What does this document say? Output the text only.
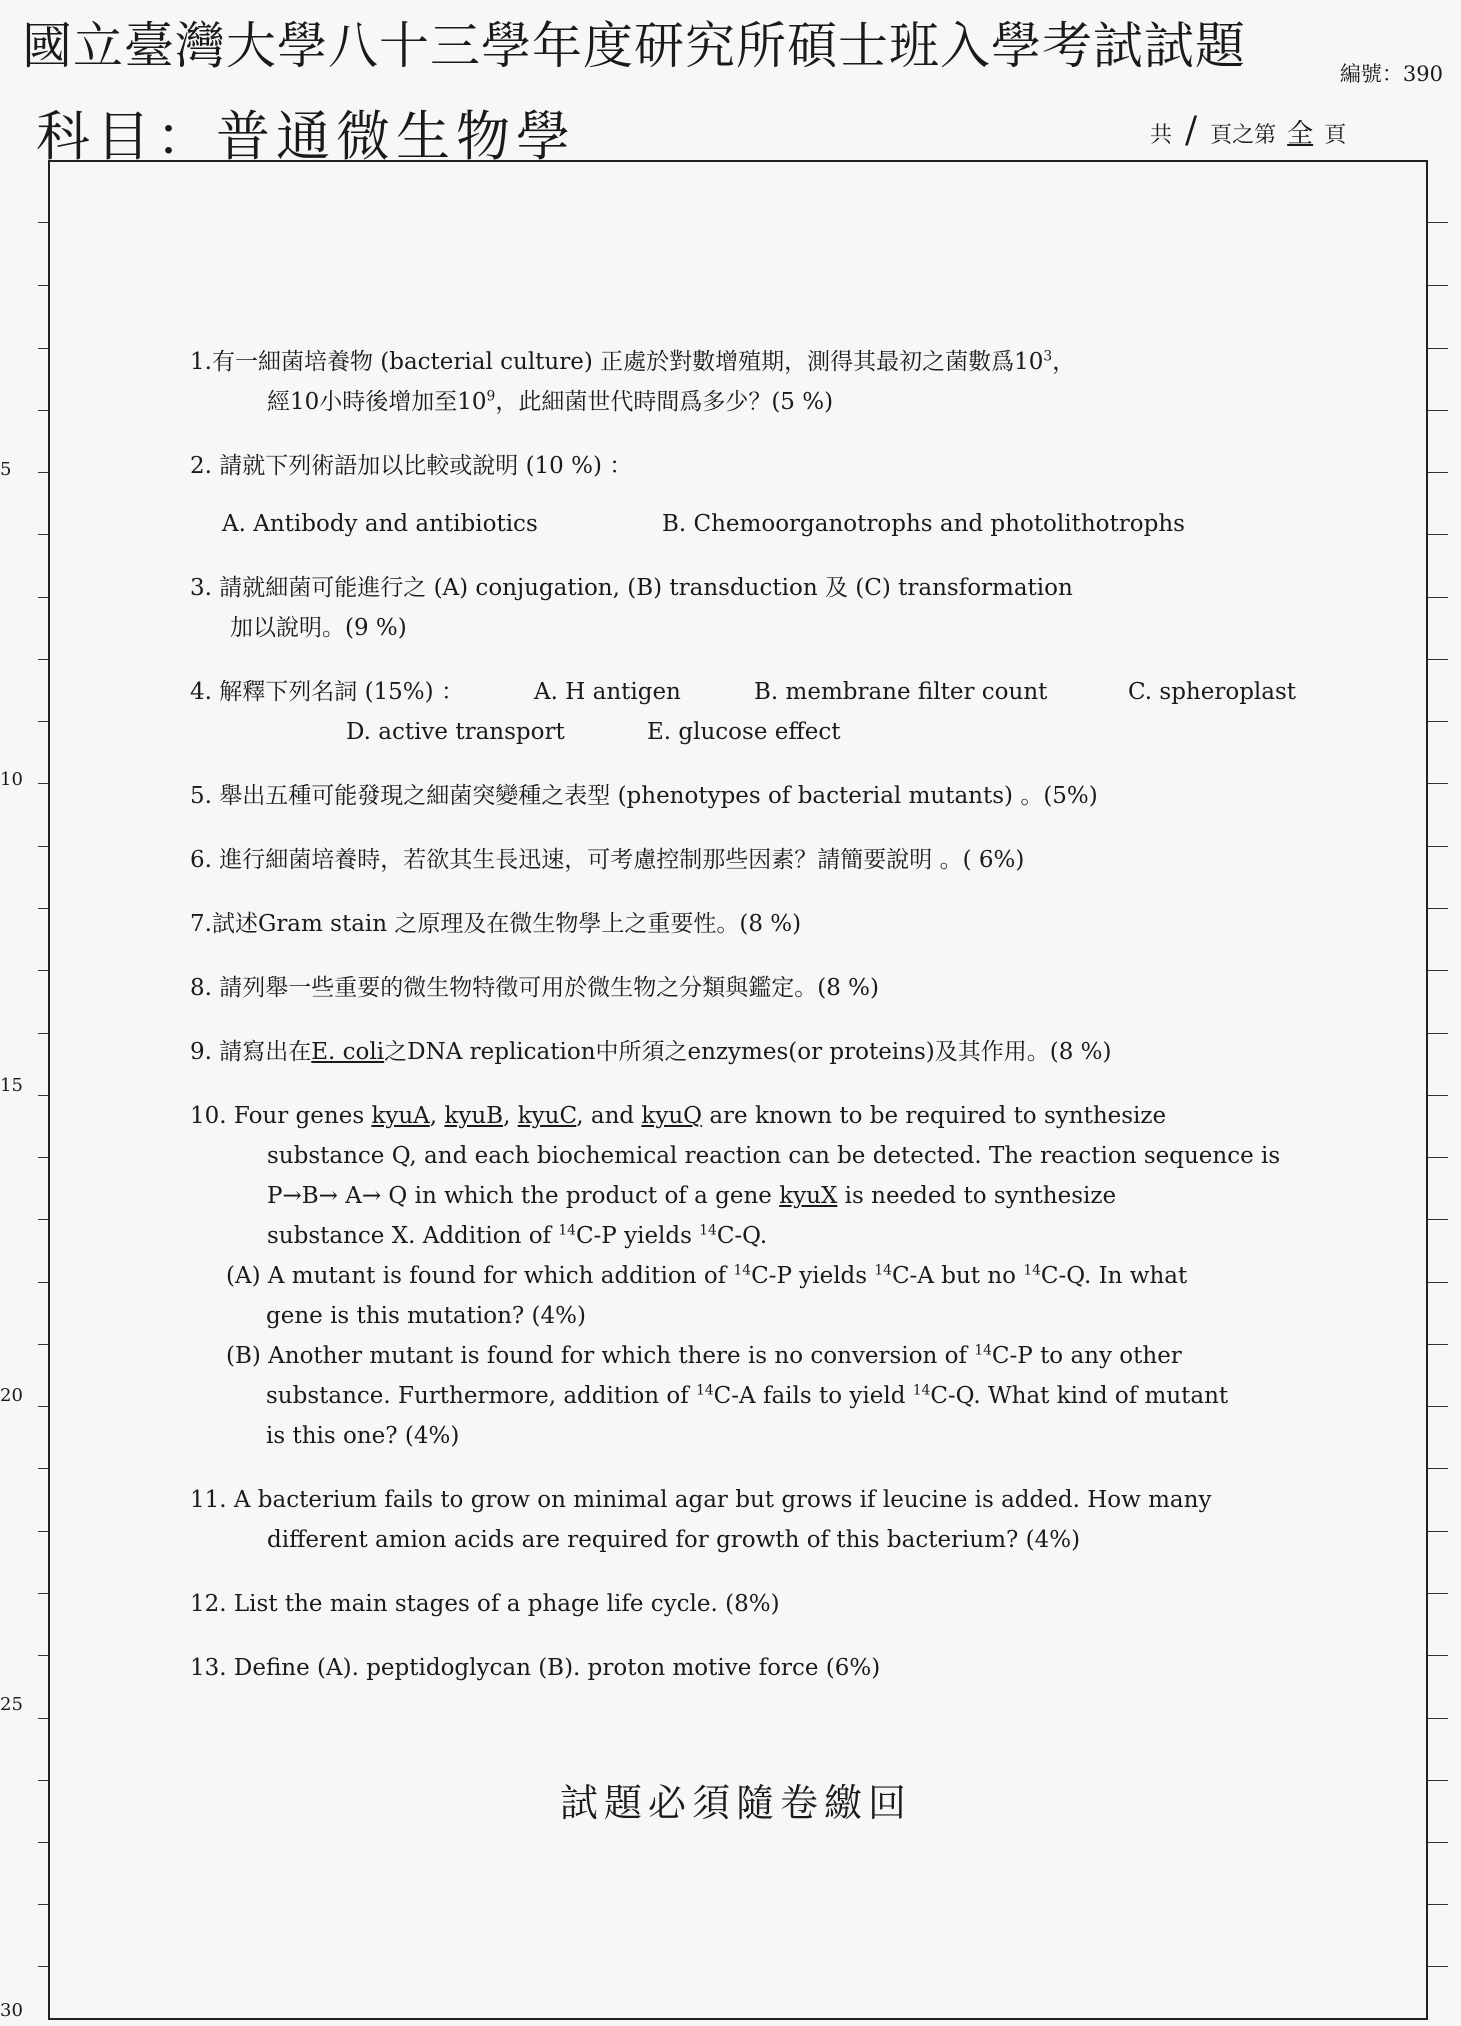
國立臺灣大學八十三學年度研究所碩士班入學考試試題	編號：390
科目：普通微生物學	共 / 頁之第 全 頁
5
10
15
20
25
30
1.有一細菌培養物 (bacterial culture) 正處於對數增殖期，測得其最初之菌數爲$10^3$，
經10小時後增加至$10^9$，此細菌世代時間爲多少？(5 %)
2. 請就下列術語加以比較或說明 (10 %) ：
A. Antibody and antibiotics	B. Chemoorganotrophs and photolithotrophs
3. 請就細菌可能進行之 (A) conjugation, (B) transduction 及 (C) transformation
加以說明。(9 %)
4. 解釋下列名詞 (15%) ：	A. H antigen	B. membrane filter count	C. spheroplast
D. active transport	E. glucose effect
5. 舉出五種可能發現之細菌突變種之表型 (phenotypes of bacterial mutants) 。(5%)
6. 進行細菌培養時，若欲其生長迅速，可考慮控制那些因素？請簡要說明 。( 6%)
7.試述Gram stain 之原理及在微生物學上之重要性。(8 %)
8. 請列舉一些重要的微生物特徵可用於微生物之分類與鑑定。(8 %)
9. 請寫出在E. coli之DNA replication中所須之enzymes(or proteins)及其作用。(8 %)
10. Four genes kyuA, kyuB, kyuC, and kyuQ are known to be required to synthesize
substance Q, and each biochemical reaction can be detected. The reaction sequence is
P→B→ A→ Q in which the product of a gene kyuX is needed to synthesize
substance X. Addition of $^{14}$C-P yields $^{14}$C-Q.
(A) A mutant is found for which addition of $^{14}$C-P yields $^{14}$C-A but no $^{14}$C-Q. In what
gene is this mutation? (4%)
(B) Another mutant is found for which there is no conversion of $^{14}$C-P to any other
substance. Furthermore, addition of $^{14}$C-A fails to yield $^{14}$C-Q. What kind of mutant
is this one? (4%)
11. A bacterium fails to grow on minimal agar but grows if leucine is added. How many
different amion acids are required for growth of this bacterium? (4%)
12. List the main stages of a phage life cycle. (8%)
13. Define (A). peptidoglycan (B). proton motive force (6%)
試題必須隨卷繳回
